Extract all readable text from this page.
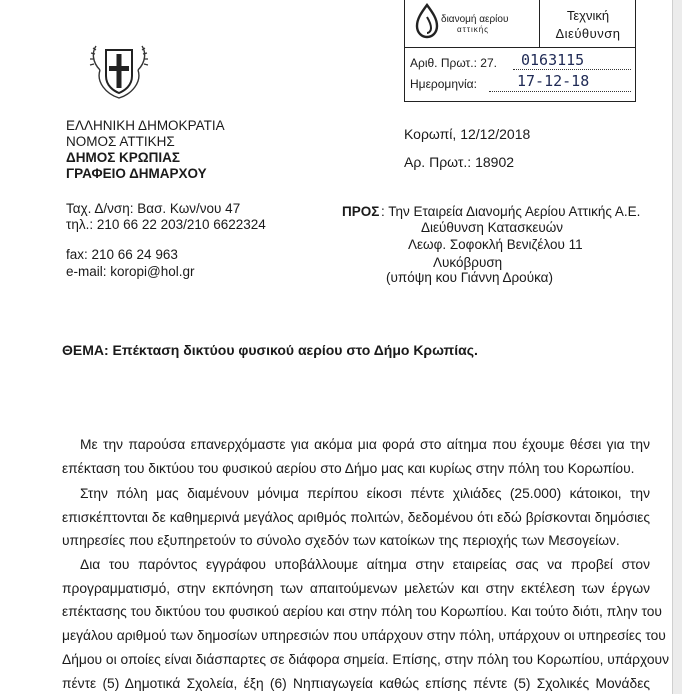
διανομή αερίου
αττικής
Τεχνική
Διεύθυνση
Αριθ. Πρωτ.: 27. 0163115
Ημερομηνία:	17-12-18
ΕΛΛΗΝΙΚΗ ΔΗΜΟΚΡΑΤΙΑ
ΝΟΜΟΣ ΑΤΤΙΚΗΣ
ΔΗΜΟΣ ΚΡΩΠΙΑΣ
ΓΡΑΦΕΙΟ ΔΗΜΑΡΧΟΥ
Ταχ. Δ/νση: Βασ. Κων/νου 47
τηλ.: 210 66 22 203/210 6622324
fax: 210 66 24 963
e-mail: koropi@hol.gr
Κορωπί, 12/12/2018
Αρ. Πρωτ.: 18902
ΠΡΟΣ : Την Εταιρεία Διανομής Αερίου Αττικής Α.Ε.
Διεύθυνση Κατασκευών
Λεωφ. Σοφοκλή Βενιζέλου 11
Λυκόβρυση
(υπόψη κου Γιάννη Δρούκα)
ΘΕΜΑ: Επέκταση δικτύου φυσικού αερίου στο Δήμο Κρωπίας.
Με την παρούσα επανερχόμαστε για ακόμα μια φορά στο αίτημα που έχουμε θέσει για την
επέκταση του δικτύου του φυσικού αερίου στο Δήμο μας και κυρίως στην πόλη του Κορωπίου.
Στην πόλη μας διαμένουν μόνιμα περίπου είκοσι πέντε χιλιάδες (25.000) κάτοικοι, την
επισκέπτονται δε καθημερινά μεγάλος αριθμός πολιτών, δεδομένου ότι εδώ βρίσκονται δημόσιες
υπηρεσίες που εξυπηρετούν το σύνολο σχεδόν των κατοίκων της περιοχής των Μεσογείων.
Δια του παρόντος εγγράφου υποβάλλουμε αίτημα στην εταιρείας σας να προβεί στον
προγραμματισμό, στην εκπόνηση των απαιτούμενων μελετών και στην εκτέλεση των έργων
επέκτασης του δικτύου του φυσικού αερίου και στην πόλη του Κορωπίου. Και τούτο διότι, πλην του
μεγάλου αριθμού των δημοσίων υπηρεσιών που υπάρχουν στην πόλη, υπάρχουν οι υπηρεσίες του
Δήμου οι οποίες είναι διάσπαρτες σε διάφορα σημεία. Επίσης, στην πόλη του Κορωπίου, υπάρχουν
πέντε (5) Δημοτικά Σχολεία, έξη (6) Νηπιαγωγεία καθώς επίσης πέντε (5) Σχολικές Μονάδες
